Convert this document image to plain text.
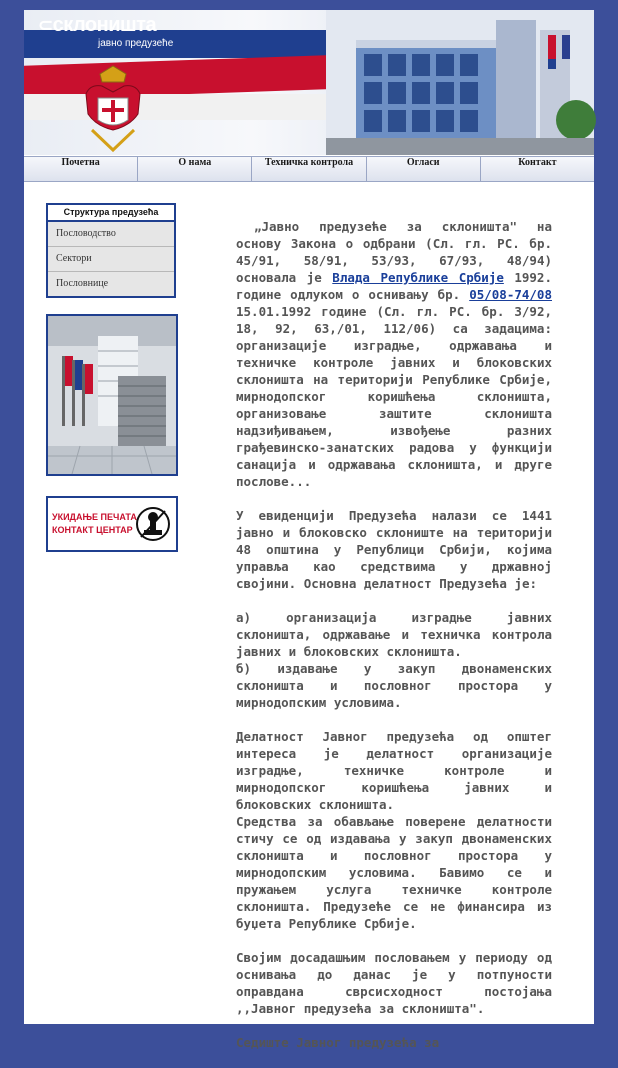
⊂склоништа
јавно предузеће
Почетна	О нама	Техничка контрола	Огласи	Контакт
Структура предузећа
Пословодство
Сектори
Пословнице
УКИДАЊЕ ПЕЧАТА
КОНТАКТ ЦЕНТАР

„Јавно предузеће за склоништа" на основу Закона о одбрани (Сл. гл. РС. бр. 45/91, 58/91, 53/93, 67/93, 48/94) основала је Влада Републике Србије 1992. године одлуком о оснивању бр. 05/08-74/08 15.01.1992 године (Сл. гл. РС. бр. 3/92, 18, 92, 63,/01, 112/06) са задацима: организације изградње, одржавања и техничке контроле јавних и блоковских склоништа на територији Републике Србије, мирнодопског коришћења склоништа, организовање заштите склоништа надзиђивањем, извођење разних грађевинско-занатских радова у функцији санација и одржавања склоништа, и друге послове...

У евиденцији Предузећа налази се 1441 јавно и блоковско склониште на територији 48 општина у Републици Србији, којима управља као средствима у државној својини. Основна делатност Предузећа је:

а) организација изградње јавних склоништа, одржавање и техничка контрола јавних и блоковских склоништа.
б) издавање у закуп двонаменских склоништа и пословног простора у мирнодопским условима.

Делатност Јавног предузећа од општег интереса је делатност организације изградње, техничке контроле и мирнодопског коришћења јавних и блоковских склоништа.
Средства за обављање поверене делатности стичу се од издавања у закуп двонаменских склоништа и пословног простора у мирнодопским условима. Бавимо се и пружањем услуга техничке контроле склоништа. Предузеће се не финансира из буџета Републике Србије.

Својим досадашњим пословањем у периоду од оснивања до данас је у потпуности оправдана сврсисходност постојања ,,Јавног предузећа за склоништа".

Седиште Јавног предузећа за
